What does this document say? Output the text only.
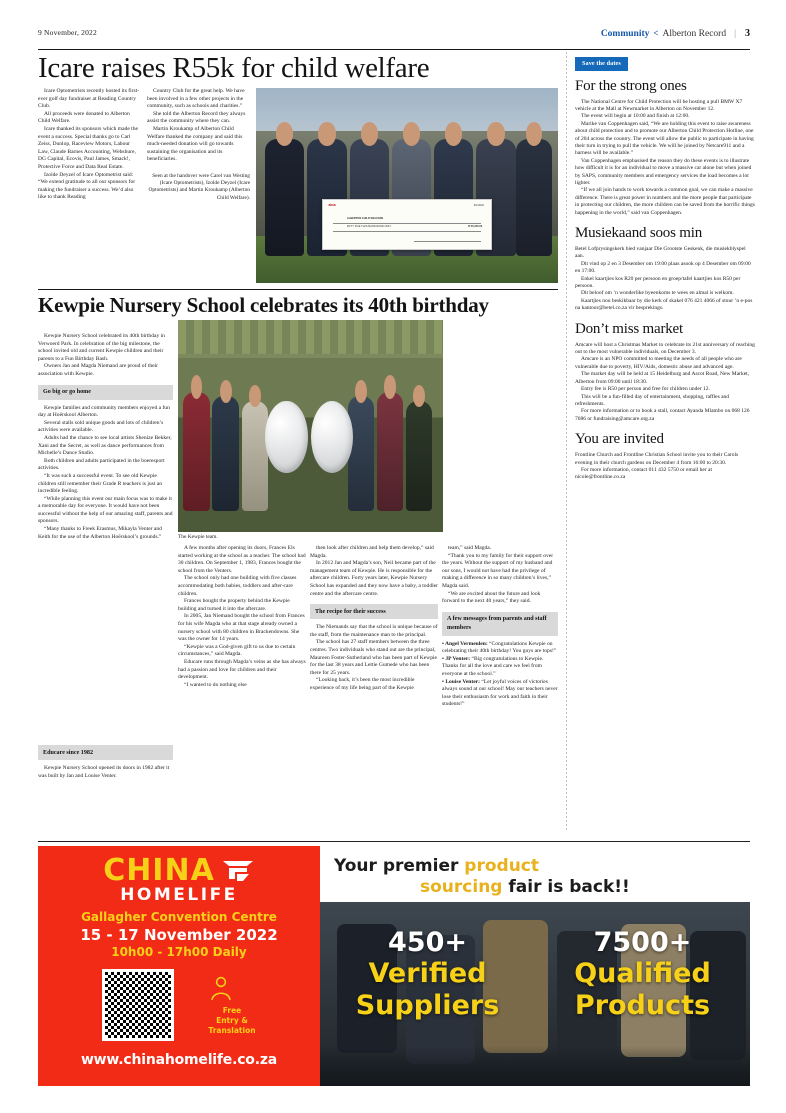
9 November, 2022	Community < Alberton Record | 3
Icare raises R55k for child welfare

Icare Optometrists recently hosted its first-ever golf day fundraiser at Reading Country Club.

All proceeds were donated to Alberton Child Welfare.

Icare thanked its sponsors which made the event a success. Special thanks go to Carl Zeiss, Dunlop, Raceview Motors, Labour Law, Claude Barnes Accounting, Webshure, DG Capital, Ecovis, Paul James, Smack!, Protective Force and Data Real Estate.

Izolde Deyzel of Icare Optometrist said: “We extend gratitude to all our sponsors for making the fundraiser a success. We’d also like to thank Reading

Country Club for the great help. We have been involved in a few other projects in the community, such as schools and charities.”

She told the Alberton Record they always assist the community where they can.

Martin Kroukamp of Alberton Child Welfare thanked the company and said this much-needed donation will go towards sustaining the organisation and its beneficiaries.

Seen at the handover were Carel van Westing (Icare Optometrists), Izolde Deyzel (Icare Optometrists) and Martin Kroukamp (Alberton Child Welfare).

absa	30/10/22
ALBERTON CHILD WELFARE
FIFTY FIVE THOUSAND RAND ONLY	R 55,000.00
Kewpie Nursery School celebrates its 40th birthday

Kewpie Nursery School celebrated its 40th birthday in Verwoerd Park. In celebration of the big milestone, the school invited old and current Kewpie children and their parents to a Fun Birthday Bash.

Owners Jan and Magda Niemand are proud of their association with Kewpie.

Go big or go home

Kewpie families and community members enjoyed a fun day at Hoërskool Alberton.

Several stalls sold unique goods and lots of children’s activities were available.

Adults had the chance to see local artists Shenize Bekker, Xani and the Secret, as well as dance performances from Michelle’s Dance Studio.

Both children and adults participated in the boeresport activities.

“It was such a successful event. To see old Kewpie children still remember their Grade R teachers is just an incredible feeling.

“While planning this event our main focus was to make it a memorable day for everyone. It would have not been successful without the help of our amazing staff, parents and sponsors.

“Many thanks to Freek Erasmus, Mikayla Venter and Keith for the use of the Alberton Hoërskool’s grounds.”

Educare since 1982

Kewpie Nursery School opened its doors in 1982 after it was built by Jan and Louise Venter.

The Kewpie team.

A few months after opening its doors, Frances Els started working at the school as a teacher. The school had 30 children. On September 1, 1983, Frances bought the school from the Venters.

The school only had one building with five classes accommodating both babies, toddlers and after-care children.

Frances bought the property behind the Kewpie building and turned it into the aftercare.

In 2005, Jan Niemand bought the school from Frances for his wife Magda who at that stage already owned a nursery school with 80 children in Brackendowns. She was the owner for 14 years.

“Kewpie was a God-given gift to us due to certain circumstances,” said Magda.

Educare runs through Magda’s veins as she has always had a passion and love for children and their development.

“I wanted to do nothing else

then look after children and help them develop,” said Magda.

In 2012 Jan and Magda’s son, Neil became part of the management team of Kewpie. He is responsible for the aftercare children. Forty years later, Kewpie Nursery School has expanded and they now have a baby, a toddler centre and the aftercare centre.

The recipe for their success

The Niemands say that the school is unique because of the staff, from the maintenance man to the principal.

The school has 27 staff members between the three centres. Two individuals who stand out are the principal, Maureen Foster-Sutherland who has been part of Kewpie for the last 38 years and Lettie Gumede who has been there for 25 years.

“Looking back, it’s been the most incredible experience of my life being part of the Kewpie

team,” said Magda.

“Thank you to my family for their support over the years. Without the support of my husband and our sons, I would not have had the privilege of making a difference in so many children’s lives,” Magda said.

“We are excited about the future and look forward to the next 40 years,” they said.

A few messages from parents and staff members

• Angel Vermeulen: “Congratulations Kewpie on celebrating their 40th birthday! You guys are tops!”

• JP Venter: “Big congratulations to Kewpie. Thanks for all the love and care we feel from everyone at the school.”

• Louise Venter: “Let joyful voices of victories always sound at our school! May our teachers never lose their enthusiasm for work and faith in their students!”

Save the dates
For the strong ones

The National Centre for Child Protection will be hosting a pull BMW X7 vehicle at the Mall at Newmarket in Alberton on November 12.

The event will begin at 10:00 and finish at 12:00.

Marike van Coppenhagen said, “We are holding this event to raise awareness about child protection and to promote our Alberton Child Protection Hotline, one of 204 across the country. The event will allow the public to participate in having their turn in trying to pull the vehicle. We will be joined by Netcare911 and a harness will be available.”

Van Coppenhagen emphasised the reason they do these events is to illustrate how difficult it is for an individual to move a massive car alone but when joined by SAPS, community members and emergency services the load becomes a lot lighter.

“If we all join hands to work towards a common goal, we can make a massive difference. There is great power in numbers and the more people that participate in protecting our children, the more children can be saved from the horrific things happening in the world,” said van Coppenhagen.

Musiekaand soos min

Betel Lofprysingskerk bied vanjaar Die Grootste Geskenk, die musiekblyspel aan.

Dit vind op 2 en 3 Desember om 19:00 plaas asook op 4 Desember om 09:00 en 17:00.

Enkel kaartjies kos R20 per persoon en groep/tafel kaartjies kos R50 per persoon.

Dit beloof om ’n wonderlike byeenkoms te wees en almal is welkom.

Kaartjies nou beskikbaar by die kerk of skakel 076 421 4066 of stuur ’n e-pos na kantoor@betel.co.za vir besprekings.

Don’t miss market

Amcare will host a Christmas Market to celebrate its 21st anniversary of reaching out to the most vulnerable individuals, on December 3.

Amcare is an NPO committed to meeting the needs of all people who are vulnerable due to poverty, HIV/Aids, domestic abuse and advanced age.

The market day will be held at 15 Heidelburg and Ascot Road, New Market, Alberton from 09:00 until 18:30.

Entry fee is R50 per person and free for children under 12.

This will be a fun-filled day of entertainment, shopping, raffles and refreshments.

For more information or to book a stall, contact Ayanda Mlambo on 068 126 7686 or fundraising@amcare.org.za

You are invited

Frontline Church and Frontline Christian School invite you to their Carols evening in their church gardens on December 4 from 16:00 to 20:30.

For more information, contact 011 432 5750 or email her at nicole@frontline.co.za

CHINA
HOMELIFE
Gallagher Convention Centre
15 - 17 November 2022
10h00 - 17h00 Daily
Free
Entry &
Translation
www.chinahomelife.co.za
Your premier product
sourcing fair is back!!
450+
Verified
Suppliers
7500+
Qualified
Products
